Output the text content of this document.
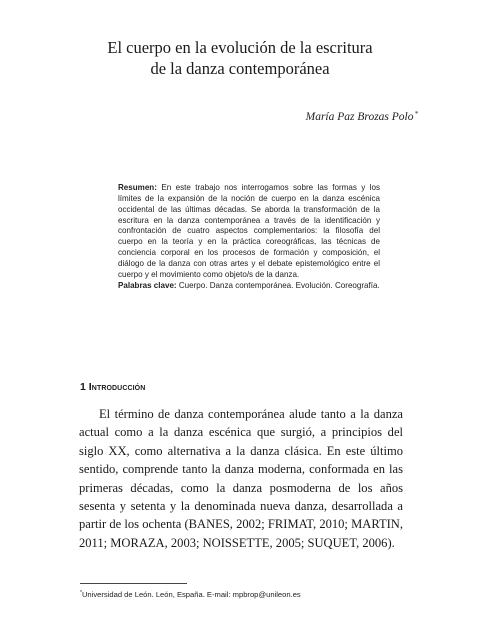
El cuerpo en la evolución de la escritura
de la danza contemporánea
María Paz Brozas Polo*

Resumen: En este trabajo nos interrogamos sobre las formas y los límites de la expansión de la noción de cuerpo en la danza escénica occidental de las últimas décadas. Se aborda la transformación de la escritura en la danza contemporánea a través de la identificación y confrontación de cuatro aspectos complementarios: la filosofía del cuerpo en la teoría y en la práctica coreográficas, las técnicas de conciencia corporal en los procesos de formación y composición, el diálogo de la danza con otras artes y el debate epistemológico entre el cuerpo y el movimiento como objeto/s de la danza.

Palabras clave: Cuerpo. Danza contemporánea. Evolución. Coreografía.

1 Introducción

El término de danza contemporánea alude tanto a la danza actual como a la danza escénica que surgió, a principios del siglo XX, como alternativa a la danza clásica. En este último sentido, comprende tanto la danza moderna, conformada en las primeras décadas, como la danza posmoderna de los años sesenta y setenta y la denominada nueva danza, desarrollada a partir de los ochenta (BANES, 2002; FRIMAT, 2010; MARTIN, 2011; MORAZA, 2003; NOISSETTE, 2005; SUQUET, 2006).

*Universidad de León. León, España. E-mail: mpbrop@unileon.es
